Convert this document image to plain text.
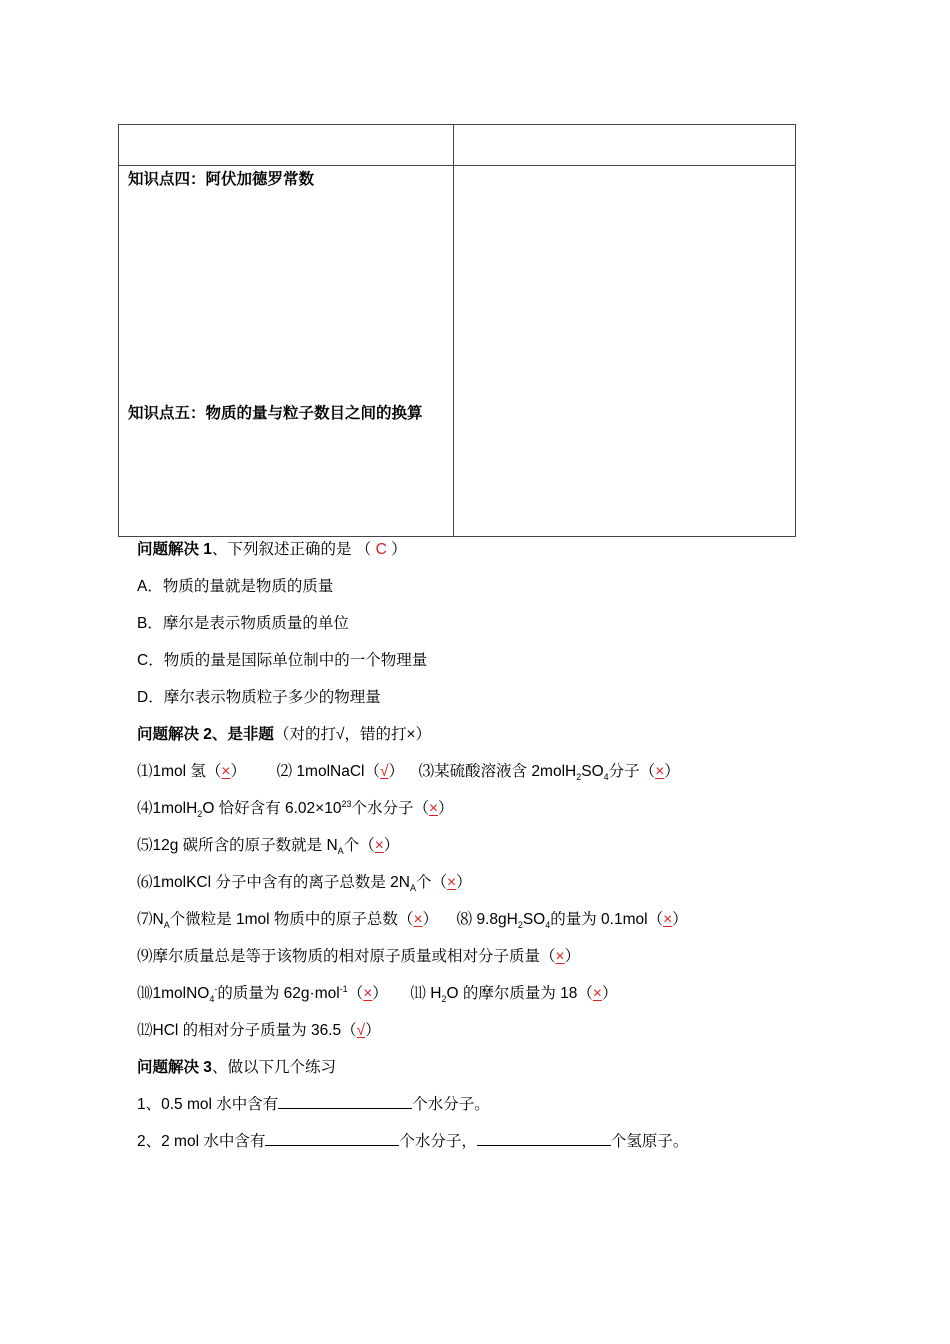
知识点四：阿伏加德罗常数
知识点五：物质的量与粒子数目之间的换算
问题解决 1、下列叙述正确的是 （ C ）
A．物质的量就是物质的质量
B．摩尔是表示物质质量的单位
C．物质的量是国际单位制中的一个物理量
D．摩尔表示物质粒子多少的物理量
问题解决 2、是非题（对的打√，错的打×）
⑴1mol 氢（×） ⑵ 1molNaCl（√） ⑶某硫酸溶液含 $2molH_2SO_4$分子（×）
⑷1molH$_2$O 恰好含有 $6.02\times 10^{23}$个水分子（×）
⑸12g 碳所含的原子数就是 $N_A$个（×）
⑹1molKCl 分子中含有的离子总数是 $2N_A$个（×）
$⑺N_A$个微粒是 1mol 物质中的原子总数（×） ⑻ $9.8gH_2SO_4$的量为 0.1mol（×）
⑼摩尔质量总是等于该物质的相对原子质量或相对分子质量（×）
⑽1molNO$_4$-的质量为 62g·mol$^{-1}$（×） ⑾ $H_2O$ 的摩尔质量为 18（×）
⑿HCl 的相对分子质量为 36.5（√）
问题解决 3、做以下几个练习
1、0.5 mol 水中含有	个水分子。
2、2 mol 水中含有	个水分子，	个氢原子。
